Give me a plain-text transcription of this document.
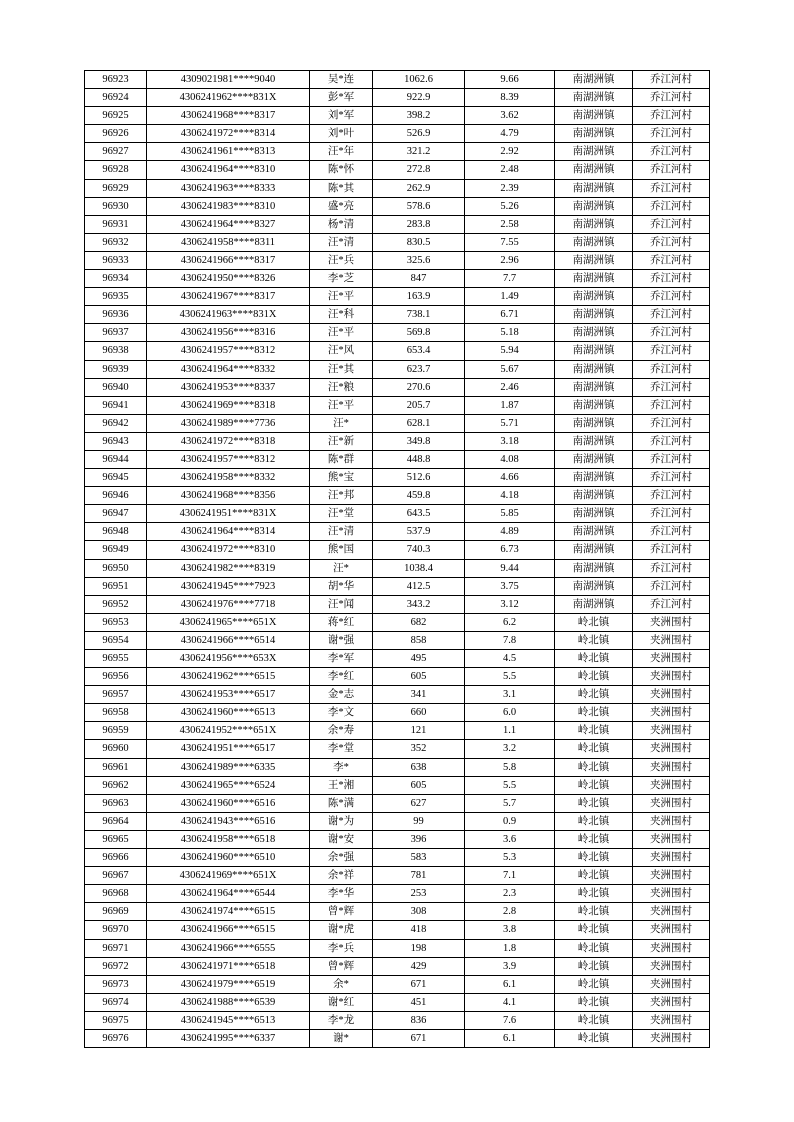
96923	4309021981****9040	吴*连	1062.6	9.66	南湖洲镇	乔江河村
96924	4306241962****831X	彭*军	922.9	8.39	南湖洲镇	乔江河村
96925	4306241968****8317	刘*军	398.2	3.62	南湖洲镇	乔江河村
96926	4306241972****8314	刘*叶	526.9	4.79	南湖洲镇	乔江河村
96927	4306241961****8313	汪*年	321.2	2.92	南湖洲镇	乔江河村
96928	4306241964****8310	陈*怀	272.8	2.48	南湖洲镇	乔江河村
96929	4306241963****8333	陈*其	262.9	2.39	南湖洲镇	乔江河村
96930	4306241983****8310	盛*亮	578.6	5.26	南湖洲镇	乔江河村
96931	4306241964****8327	杨*清	283.8	2.58	南湖洲镇	乔江河村
96932	4306241958****8311	汪*清	830.5	7.55	南湖洲镇	乔江河村
96933	4306241966****8317	汪*兵	325.6	2.96	南湖洲镇	乔江河村
96934	4306241950****8326	李*芝	847	7.7	南湖洲镇	乔江河村
96935	4306241967****8317	汪*平	163.9	1.49	南湖洲镇	乔江河村
96936	4306241963****831X	汪*科	738.1	6.71	南湖洲镇	乔江河村
96937	4306241956****8316	汪*平	569.8	5.18	南湖洲镇	乔江河村
96938	4306241957****8312	汪*风	653.4	5.94	南湖洲镇	乔江河村
96939	4306241964****8332	汪*其	623.7	5.67	南湖洲镇	乔江河村
96940	4306241953****8337	汪*粮	270.6	2.46	南湖洲镇	乔江河村
96941	4306241969****8318	汪*平	205.7	1.87	南湖洲镇	乔江河村
96942	4306241989****7736	汪*	628.1	5.71	南湖洲镇	乔江河村
96943	4306241972****8318	汪*新	349.8	3.18	南湖洲镇	乔江河村
96944	4306241957****8312	陈*群	448.8	4.08	南湖洲镇	乔江河村
96945	4306241958****8332	熊*宝	512.6	4.66	南湖洲镇	乔江河村
96946	4306241968****8356	汪*邦	459.8	4.18	南湖洲镇	乔江河村
96947	4306241951****831X	汪*堂	643.5	5.85	南湖洲镇	乔江河村
96948	4306241964****8314	汪*清	537.9	4.89	南湖洲镇	乔江河村
96949	4306241972****8310	熊*国	740.3	6.73	南湖洲镇	乔江河村
96950	4306241982****8319	汪*	1038.4	9.44	南湖洲镇	乔江河村
96951	4306241945****7923	胡*华	412.5	3.75	南湖洲镇	乔江河村
96952	4306241976****7718	汪*闻	343.2	3.12	南湖洲镇	乔江河村
96953	4306241965****651X	蒋*红	682	6.2	岭北镇	夹洲围村
96954	4306241966****6514	谢*强	858	7.8	岭北镇	夹洲围村
96955	4306241956****653X	李*军	495	4.5	岭北镇	夹洲围村
96956	4306241962****6515	李*红	605	5.5	岭北镇	夹洲围村
96957	4306241953****6517	金*志	341	3.1	岭北镇	夹洲围村
96958	4306241960****6513	李*文	660	6.0	岭北镇	夹洲围村
96959	4306241952****651X	余*寿	121	1.1	岭北镇	夹洲围村
96960	4306241951****6517	李*堂	352	3.2	岭北镇	夹洲围村
96961	4306241989****6335	李*	638	5.8	岭北镇	夹洲围村
96962	4306241965****6524	王*湘	605	5.5	岭北镇	夹洲围村
96963	4306241960****6516	陈*满	627	5.7	岭北镇	夹洲围村
96964	4306241943****6516	谢*为	99	0.9	岭北镇	夹洲围村
96965	4306241958****6518	谢*安	396	3.6	岭北镇	夹洲围村
96966	4306241960****6510	余*强	583	5.3	岭北镇	夹洲围村
96967	4306241969****651X	余*祥	781	7.1	岭北镇	夹洲围村
96968	4306241964****6544	李*华	253	2.3	岭北镇	夹洲围村
96969	4306241974****6515	曾*辉	308	2.8	岭北镇	夹洲围村
96970	4306241966****6515	谢*虎	418	3.8	岭北镇	夹洲围村
96971	4306241966****6555	李*兵	198	1.8	岭北镇	夹洲围村
96972	4306241971****6518	曾*辉	429	3.9	岭北镇	夹洲围村
96973	4306241979****6519	余*	671	6.1	岭北镇	夹洲围村
96974	4306241988****6539	谢*红	451	4.1	岭北镇	夹洲围村
96975	4306241945****6513	李*龙	836	7.6	岭北镇	夹洲围村
96976	4306241995****6337	谢*	671	6.1	岭北镇	夹洲围村
